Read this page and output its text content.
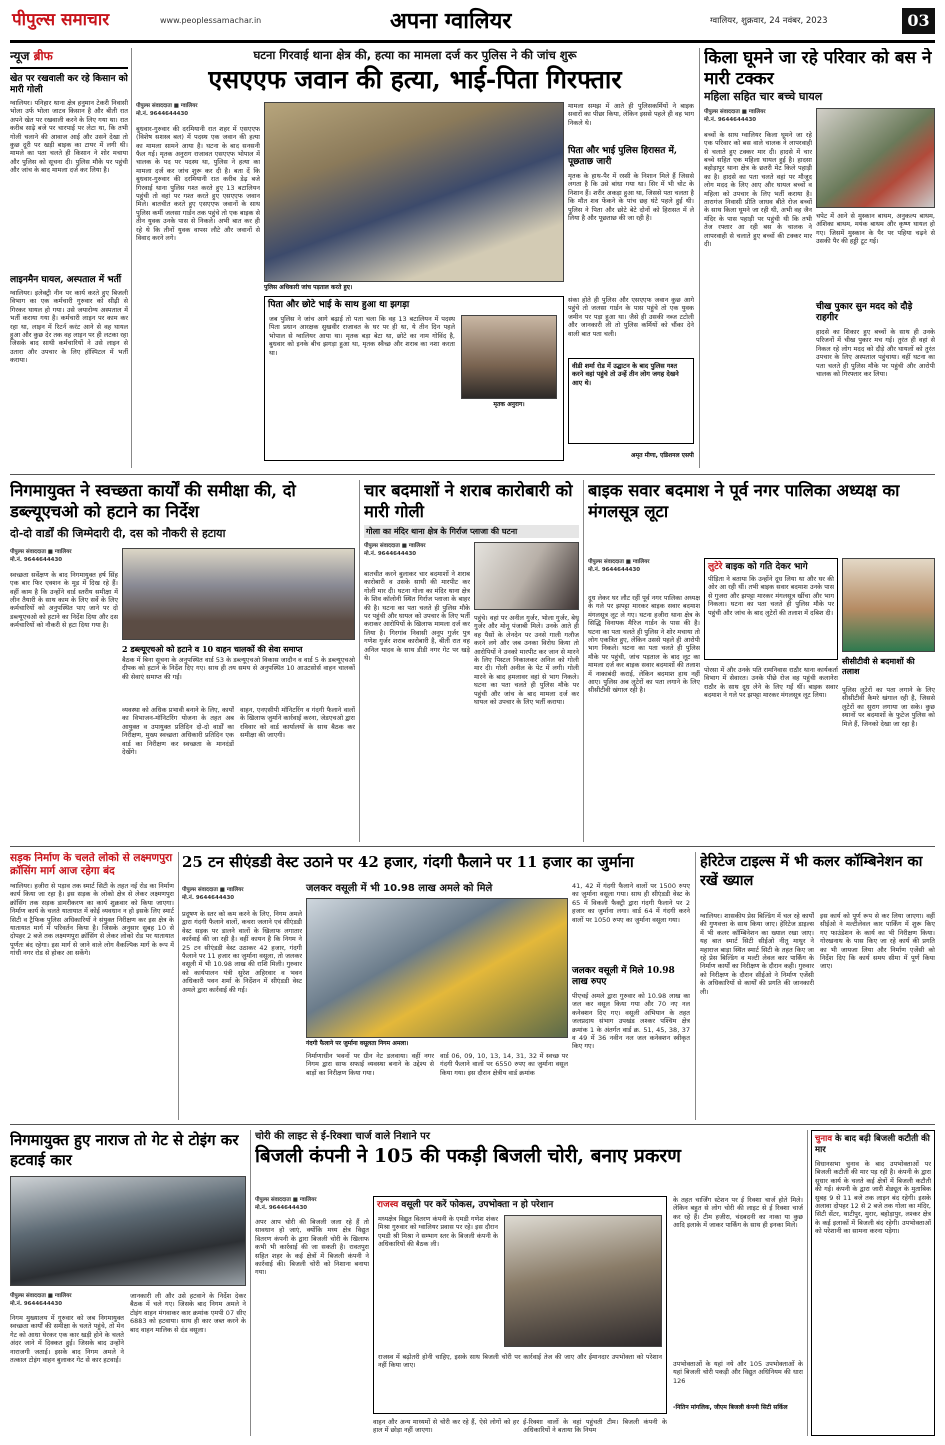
पीपुल्स समाचार	www.peoplessamachar.in	अपना ग्वालियर	ग्वालियर, शुक्रवार, 24 नवंबर, 2023	03
न्यूज ब्रीफ
खेत पर रखवाली कर रहे किसान को मारी गोली
ग्वालियर। पनिहार थाना क्षेत्र हनुमान टेकरी निवासी भोला उर्फ भोला जाटव किसान है और बीती रात अपने खेत पर रखवाली करने के लिए गया था। रात करीब साढ़े बजे पर चारपाई पर लेटा था, कि तभी गोली चलाने की आवाज आई और उसने देखा तो कुछ दूरी पर खड़ी बाइक का टायर में लगी थी। मामले का पता चलते ही किसान ने शोर मचाया और पुलिस को सूचना दी। पुलिस मौके पर पहुंची और जांच के बाद मामला दर्ज कर लिया है।
लाइनमैन घायल, अस्पताल में भर्ती
ग्वालियर। इलेक्ट्री नीन पर कार्य करते हुए बिजली विभाग का एक कर्मचारी गुरुवार को सीढ़ी से गिरकर घायल हो गया। उसे जयारोग्य अस्पताल में भर्ती कराया गया है। कर्मचारी लाइन पर काम कर रहा था, लाइन में रिटर्न करंट आने से वह घायल हुआ और कुछ देर तक वह लाइन पर ही लटका रहा जिसके बाद साथी कर्मचारियों ने उसे लाइन से उतारा और उपचार के लिए हॉस्पिटल में भर्ती कराया।
घटना गिरवाई थाना क्षेत्र की, हत्या का मामला दर्ज कर पुलिस ने की जांच शुरू
एसएएफ जवान की हत्या, भाई-पिता गिरफ्तार
पीपुल्स संवाददाता ■ ग्वालियर
मो.नं. 9644644430
बुधवार-गुरुवार की दरमियानी रात शहर में एसएएफ (विशेष सशस्त्र बल) में पदस्थ एक जवान की हत्या का मामला सामने आया है। घटना के बाद सनसनी फैल गई। मृतक अनुराग राजावत एसएएफ भोपाल में चालक के पद पर पदस्थ था, पुलिस ने हत्या का मामला दर्ज कर जांच शुरू कर दी है। बता दें कि बुधवार-गुरुवार की दरमियानी रात करीब डेढ़ बजे गिरवाई थाना पुलिस गश्त करते हुए 13 बटालियन पहुंची तो वहां पर गश्त करते हुए एसएएफ जवान मिले। बातचीत करते हुए एसएएफ जवानों के साथ पुलिस कर्मी जलसा गार्डन तक पहुंचे तो एक बाइक से तीन युवक उनके पास से निकले। अभी बात कर ही रहे थे कि तीनों युवक वापस लौटे और जवानों से विवाद करने लगे।
पुलिस अधिकारी जांच पड़ताल करते हुए।
पिता और छोटे भाई के साथ हुआ था झगड़ा
जब पुलिस ने जांच आगे बढ़ाई तो पता चला कि वह 13 बटालियन में पदस्थ पिता प्रधान आरक्षक सुखवीर राजावत के घर पर ही था, ये तीन दिन पहले भोपाल से ग्वालियर आया था। मृतक बड़ा बेटा था, छोटे का नाम गोविंद है, बुधवार को इनके बीच झगड़ा हुआ था, मृतक स्वैच्छ और शराब का नशा करता था।
मृतक अनुराग।
मामला समझ में आते ही पुलिसकर्मियों ने बाइक सवारों का पीछा किया, लेकिन इससे पहले ही वह भाग निकले थे।
पिता और भाई पुलिस हिरासत में, पूछताछ जारी
मृतक के हाथ-पैर में रस्सी के निशान मिले हैं जिससे लगता है कि उसे बांधा गया था। सिर में भी चोट के निशान हैं। शरीर अकड़ा हुआ था, जिससे पता चलता है कि मौत शव फेंकने के पांच छह घंटे पहले हुई थी। पुलिस ने पिता और छोटे बेटे दोनों को हिरासत में ले लिया है और पूछताछ की जा रही है।
संका होते ही पुलिस और एसएएफ जवान कुछ आगे पहुंचे तो जलसा गार्डन के पास पहुंचे तो एक युवक जमीन पर पड़ा हुआ था। जैसे ही उसकी नब्ज टटोली और जानकारी ली तो पुलिस कर्मियों को चौंका देने वाली बात पता चली।
वीडी शर्मा रोड में उद्घाटन के बाद पुलिस गश्त करने वहां पहुंचे तो उन्हें तीन लोग जगह देखने आए थे।
अमृत मीणा, एडिशनल एसपी
किला घूमने जा रहे परिवार को बस ने मारी टक्कर
महिला सहित चार बच्चे घायल
पीपुल्स संवाददाता ■ ग्वालियर
मो.नं. 9644644430
बच्चों के साथ ग्वालियर किला घूमने जा रहे एक परिवार को बस वाले चालक ने लापरवाही से चलाते हुए टक्कर मार दी। हादसे में चार बच्चे सहित एक महिला घायल हुई है। हादसा बहोड़ापुर थाना क्षेत्र के छतरी मेट किले पहाड़ी का है। हादसे का पता चलते वहां पर मौजूद लोग मदद के लिए आए और घायल बच्चों व महिला को उपचार के लिए भर्ती कराया है। तारागंज निवासी प्रीति जाधव बीते रोज बच्चों के साथ किला घूमने जा रही थी, अभी वह जैन मंदिर के पास पहाड़ी पर पहुंची थी कि तभी तेज रफ्तार आ रही बस के चालक ने लापरवाही से चलाते हुए बच्चों की टक्कर मार दी।
चपेट में आने से मुस्कान बाथम, अनुकल्प बाथम, अंशिका बाथम, मयंक बाथम और कृष्ण घायल हो गए। जिसमें मुस्कान के पैर पर पहिया चढ़ने से उसकी पैर की हड्डी टूट गई।
चीख पुकार सुन मदद को दौड़े राहगीर
हादसे का शिकार हुए बच्चों के साथ ही उनके परिजनों में चीख पुकार मच गई। तुरंत ही वहां से निकल रहे लोग मदद को दौड़े और घायलों को तुरंत उपचार के लिए अस्पताल पहुंचाया। वहीं घटना का पता चलते ही पुलिस मौके पर पहुंची और आरोपी चालक को गिरफ्तार कर लिया।
निगमायुक्त ने स्वच्छता कार्यों की समीक्षा की, दो डब्ल्यूएचओ को हटाने का निर्देश
दो-दो वार्डों की जिम्मेदारी दी, दस को नौकरी से हटाया
पीपुल्स संवाददाता ■ ग्वालियर
मो.नं. 9644644430
स्वच्छता सर्वेक्षण के बाद निगमायुक्त हर्ष सिंह एक बार फिर एक्शन के मूड में दिख रहे हैं। वहीं काम है कि उन्होंने वार्ड स्तरीय समीक्षा में लीन तैयारी के साथ काम के लिए सर्वे के लिए कर्मचारियों को अनुपस्थित पाए जाने पर दो डब्ल्यूएचओ को हटाने का निर्देश दिया और दस कर्मचारियों को नौकरी से हटा दिया गया है।
2 डब्ल्यूएचओ को हटाने व 10 वाहन चालकों की सेवा समाप्त
बैठक में बिना सूचना के अनुपस्थित वार्ड 53 के डब्ल्यूएचओ विकास जादौन व वार्ड 5 के डब्ल्यूएचओ दीपक को हटाने के निर्देश दिए गए। साथ ही तय समय से अनुपस्थित 10 आउटसोर्स वाहन चालकों की सेवाएं समाप्त की गईं।
व्यवस्था को अधिक प्रभावी बनाने के लिए, कार्यों का विभाजन-मॉनिटरिंग योजना के तहत अब आयुक्त व उपायुक्त प्रतिदिन दो-दो वार्डों का निरीक्षण, मुख्य स्वच्छता अधिकारी प्रतिदिन एक वार्ड का निरीक्षण कर स्वच्छता के मानदंडों देखेंगे।
वाहन, एनएसीपी मॉनिटरिंग व गंदगी फैलाने वालों के खिलाफ जुर्माने कार्रवाई करना, जेडएचओ द्वारा रविवार को वार्ड कार्यालयों के साथ बैठक कर समीक्षा की जाएगी।
चार बदमाशों ने शराब कारोबारी को मारी गोली
गोला का मंदिर थाना क्षेत्र के गिर्राज प्लाजा की घटना
पीपुल्स संवाददाता ■ ग्वालियर
मो.नं. 9644644430
बातचीत करने बुलाकर चार बदमाशों ने शराब कारोबारी व उसके साथी की मारपीट कर गोली मार दी। घटना गोला का मंदिर थाना क्षेत्र के शिव कॉलोनी स्थित गिर्राज प्लाजा के बाहर की है। घटना का पता चलते ही पुलिस मौके पर पहुंची और घायल को उपचार के लिए भर्ती कराकर आरोपियों के खिलाफ मामला दर्ज कर लिया है। गिरगांव निवासी अनूप गुर्जर पुत्र गणेश गुर्जर शराब कारोबारी है, बीती रात वह अनिल यादव के साथ डीडी नगर गेट पर खड़े थे।
पहुंचे। वहां पर अनील गुर्जर, भोला गुर्जर, बेधू गुर्जर और मोनू पंजाबी मिले। उनके आते ही वह पैसों के लेनदेन पर उनसे गाली गलौज करने लगे और जब उनका विरोध किया तो आरोपियों ने उनको मारपीट कर जान से मारने के लिए पिस्टल निकालकर अनिल को गोली मार दी। गोली अनील के पेट में लगी। गोली मारने के बाद हमलावर वहां से भाग निकले। घटना का पता चलते ही पुलिस मौके पर पहुंची और जांच के बाद मामला दर्ज कर घायल को उपचार के लिए भर्ती कराया।
बाइक सवार बदमाश ने पूर्व नगर पालिका अध्यक्ष का मंगलसूत्र लूटा
पीपुल्स संवाददाता ■ ग्वालियर
मो.नं. 9644644430
दूध लेकर घर लौट रहीं पूर्व नगर पालिका अध्यक्ष के गले पर झपट्टा मारकर बाइक सवार बदमाश मंगलसूत्र लूट ले गए। घटना हजीरा थाना क्षेत्र के सिद्धि विनायक मैरिज गार्डन के पास की है। घटना का पता चलते ही पुलिस ने शोर मचाया तो लोग एकत्रित हुए, लेकिन उससे पहले ही आरोपी भाग निकले। घटना का पता चलते ही पुलिस मौके पर पहुंची, जांच पड़ताल के बाद लूट का मामला दर्ज कर बाइक सवार बदमाशों की तलाश में नाकाबंदी कराई, लेकिन बदमाश हाथ नहीं आए। पुलिस अब लुटेरों का पता लगाने के लिए सीसीटीवी खंगाल रही है।
लुटेरे बाइक को गति देकर भागे
पीड़िता ने बताया कि उन्होंने दूध लिया था और घर की ओर आ रही थीं। तभी बाइक सवार बदमाश उनके पास से गुजरा और झपट्टा मारकर मंगलसूत्र खींचा और भाग निकला। घटना का पता चलते ही पुलिस मौके पर पहुंची और जांच के बाद लुटेरों की तलाश में दबिश दी।
सीसीटीवी से बदमाशों की तलाश
पोरसा में और उनके पति रामनिवास राठौर थाना कार्यकर्ता विभाग में सेवारत। उनके पीछे रोज वह पहुंची कलानेरा राठौर के साथ दूध लेने के लिए गईं थीं। बाइक सवार बदमाश ने गले पर झपट्टा मारकर मंगलसूत्र लूट लिया।
पुलिस लुटेरों का पता लगाने के लिए सीसीटीवी कैमरे खंगाल रही है, जिससे लुटेरों का सुराग लगाया जा सके। कुछ स्थानों पर बदमाशों के फुटेज पुलिस को मिले हैं, जिनको देखा जा रहा है।
सड़क निर्माण के चलते लोको से लक्ष्मणपुरा क्रॉसिंग मार्ग आज रहेगा बंद
ग्वालियर। हजीरा से पड़ाव तक स्मार्ट सिटी के तहत नई रोड का निर्माण कार्य किया जा रहा है। इस सड़क के लोको क्षेत्र से लेकर लक्ष्मणपुरा क्रॉसिंग तक सड़क डामरीकरण का कार्य शुक्रवार को किया जाएगा। निर्माण कार्य के चलते यातायात में कोई व्यवधान न हो इसके लिए स्मार्ट सिटी व ट्रैफिक पुलिस अधिकारियों ने संयुक्त निरीक्षण कर इस क्षेत्र के यातायात मार्ग में परिवर्तन किया है। जिसके अनुसार सुबह 10 से दोपहर 2 बजे तक लक्ष्मणपुरा क्रॉसिंग से लेकर लोको रोड पर यातायात पूर्णतः बंद रहेगा। इस मार्ग से जाने वाले लोग वैकल्पिक मार्ग के रूप में गांधी नगर रोड से होकर आ सकेंगे।
25 टन सीएंडडी वेस्ट उठाने पर 42 हजार, गंदगी फैलाने पर 11 हजार का जुर्माना
पीपुल्स संवाददाता ■ ग्वालियर
मो.नं. 9644644430
प्रदूषण के स्तर को कम करने के लिए, निगम अमले द्वारा गंदगी फैलाने वालों, कचरा जलाने एवं सीएंडडी वेस्ट सड़क पर डालने वालों के खिलाफ लगातार कार्रवाई की जा रही है। वहीं कायन है कि निगम ने 25 टन सीएंडडी वेस्ट उठाकर 42 हजार, गंदगी फैलाने पर 11 हजार का जुर्माना वसूला, तो जलकर वसूली में भी 10.98 लाख की राशि मिली। गुरुवार को कार्यपालन यंत्री सुरेश अहिरवार व भवन अधिकारी पवन शर्मा के निर्देशन में सीएंडडी वेस्ट अमले द्वारा कार्रवाई की गई।
जलकर वसूली में भी 10.98 लाख अमले को मिले
गंदगी फैलाने पर जुर्माना वसूलता निगम अमला।
निर्माणाधीन भवनों पर ग्रीन नेट डलवाया। वहीं नगर निगम द्वारा साफ सफाई व्यवस्था बनाने के उद्देश्य से बाड़ों का निरीक्षण किया गया।
वार्ड 06, 09, 10, 13, 14, 31, 32 में स्वच्छ पर गंदगी फैलाने वालों पर 6550 रुपए का जुर्माना वसूल किया गया। इस दौरान क्षेत्रीय वार्ड क्रमांक
41, 42 में गंदगी फैलाने वालों पर 1500 रुपए का जुर्माना वसूला गया। साथ ही सीएंडडी वेस्ट के 65 में विकली फैक्ट्री द्वारा गंदगी फैलाने पर 2 हजार का जुर्माना लगा। वार्ड 64 में गंदगी करने वालों पर 1050 रुपए का जुर्माना वसूला गया।
जलकर वसूली में मिले 10.98 लाख रुपए
पीएचई अमले द्वारा गुरुवार को 10.98 लाख का जल कर वसूल किया गया और 70 नए नल कनेक्शन दिए गए। वसूली अभियान के तहत जलप्रदाय संभाग उपखंड लश्कर पश्चिम क्षेत्र क्रमांक 1 के अंतर्गत वार्ड क्र. 51, 45, 38, 37 व 49 में 36 नवीन नल जल कनेक्शन स्वीकृत किए गए।
हेरिटेज टाइल्स में भी कलर कॉम्बिनेशन का रखें ख्याल
ग्वालियर। शासकीय प्रेस बिल्डिंग में चल रहे कार्यों की गुणवत्ता के साथ किया जाए। हेरिटेज डाइल्स में भी कलर कॉम्बिनेशन का ख्याल रखा जाए। यह बात स्मार्ट सिटी सीईओ नीतू माथुर ने महाराज बाड़ा स्थित स्मार्ट सिटी के तहत किए जा रहे प्रेस बिल्डिंग व मल्टी लेवल कार पार्किंग के निर्माण कार्यों का निरीक्षण के दौरान कही। गुरुवार को निरीक्षण के दौरान सीईओ ने निर्माण एजेंसी के अधिकारियों से कार्यों की प्रगति की जानकारी ली।
इस कार्य को पूर्ण रूप से कर लिया जाएगा। वहीं सीईओ ने मल्टीलेवल कार पार्किंग में शुरू किए गए फाउंडेशन के कार्य का भी निरीक्षण किया। गोरखनाथ के पास किए जा रहे कार्य की प्रगति का भी जायजा लिया और निर्माण एजेंसी को निर्देश दिए कि कार्य समय सीमा में पूर्ण किया जाए।
निगमायुक्त हुए नाराज तो गेट से टोइंग कर हटवाई कार
पीपुल्स संवाददाता ■ ग्वालियर
मो.नं. 9644644430
निगम मुख्यालय में गुरुवार को जब निगमायुक्त स्वच्छता कार्यों की समीक्षा के चलते पहुंचे, तो मेन गेट को आधा घेरकर एक कार खड़ी होने के चलते अंदर जाने में दिक्कत हुई। जिसके बाद उन्होंने नाराजगी जताई। इसके बाद निगम अमले ने तत्काल टोइंग वाहन बुलाकर गेट से कार हटवाई।
जानकारी ली और उसे हटवाने के निर्देश देकर बैठक में चले गए। जिसके बाद निगम अमले ने टोइंग वाहन मंगवाकर कार क्रमांक एमपी 07 सीए 6883 को हटवाया। साथ ही कार जब्त करने के बाद वाहन मालिक से दंड वसूला।
चोरी की लाइट से ई-रिक्शा चार्ज वाले निशाने पर
बिजली कंपनी ने 105 की पकड़ी बिजली चोरी, बनाए प्रकरण
पीपुल्स संवाददाता ■ ग्वालियर
मो.नं. 9644644430
अपर आप चोरी की बिजली जला रहे हैं तो सावधान हो जाएं, क्योंकि मध्य क्षेत्र विद्युत वितरण कंपनी के द्वारा बिजली चोरी के खिलाफ कभी भी कार्रवाई की जा सकती है। रावतपुरा सहित शहर के कई क्षेत्रों में बिजली कंपनी ने कार्रवाई की। बिजली चोरी को निशाना बनाया गया।
राजस्व वसूली पर करें फोकस, उपभोक्ता न हो परेशान
मध्यक्षेत्र विद्युत वितरण कंपनी के एमडी गणेश शंकर मिश्रा गुरुवार को ग्वालियर प्रवास पर रहे। इस दौरान एमडी श्री मिश्रा ने सम्भाग स्तर के बिजली कंपनी के अधिकारियों की बैठक ली।
राजस्व में बढ़ोतरी होनी चाहिए, इसके साथ बिजली चोरी पर कार्रवाई तेज की जाए और ईमानदार उपभोक्ता को परेशान नहीं किया जाए।
वाहन और अन्य माध्यमों से चोरी कर रहे हैं, ऐसे लोगों को हर हाल में छोड़ा नहीं जाएगा।
के तहत चार्जिंग स्टेशन पर ई रिक्शा चार्ज होते मिले। लेकिन बहुत से लोग चोरी की लाइट से ई रिक्शा चार्ज कर रहे हैं। टीम हजीरा, चंदबदनी का नाका या कुछ आदि इलाके में जाकर पार्किंग के साथ ही इनका मिले।
ई-रिक्शा वालों के वहां पहुंचती टीम। बिजली कंपनी के अधिकारियों ने बताया कि नियम
उपभोक्ताओं के यहां नये और 105 उपभोक्ताओं के यहां बिजली चोरी पकड़ी और विद्युत अधिनियम की धारा 126
-नितिन मांगलिक, जीएम बिजली कंपनी सिटी सर्किल
चुनाव के बाद बढ़ी बिजली कटौती की मार
विधानसभा चुनाव के बाद उपभोक्ताओं पर बिजली कटौती की मार पड़ रही है। कंपनी के द्वारा सुधार कार्य के चलते कई क्षेत्रों में बिजली कटौती की गई। कंपनी के द्वारा जारी शेड्यूल के मुताबिक सुबह 9 से 11 बजे तक लाइन बंद रहेगी। इसके अलावा दोपहर 12 से 2 बजे तक गोला का मंदिर, सिटी सेंटर, थाटीपुर, मुरार, बहोड़ापुर, लश्कर क्षेत्र के कई इलाकों में बिजली बंद रहेगी। उपभोक्ताओं को परेशानी का सामना करना पड़ेगा।
